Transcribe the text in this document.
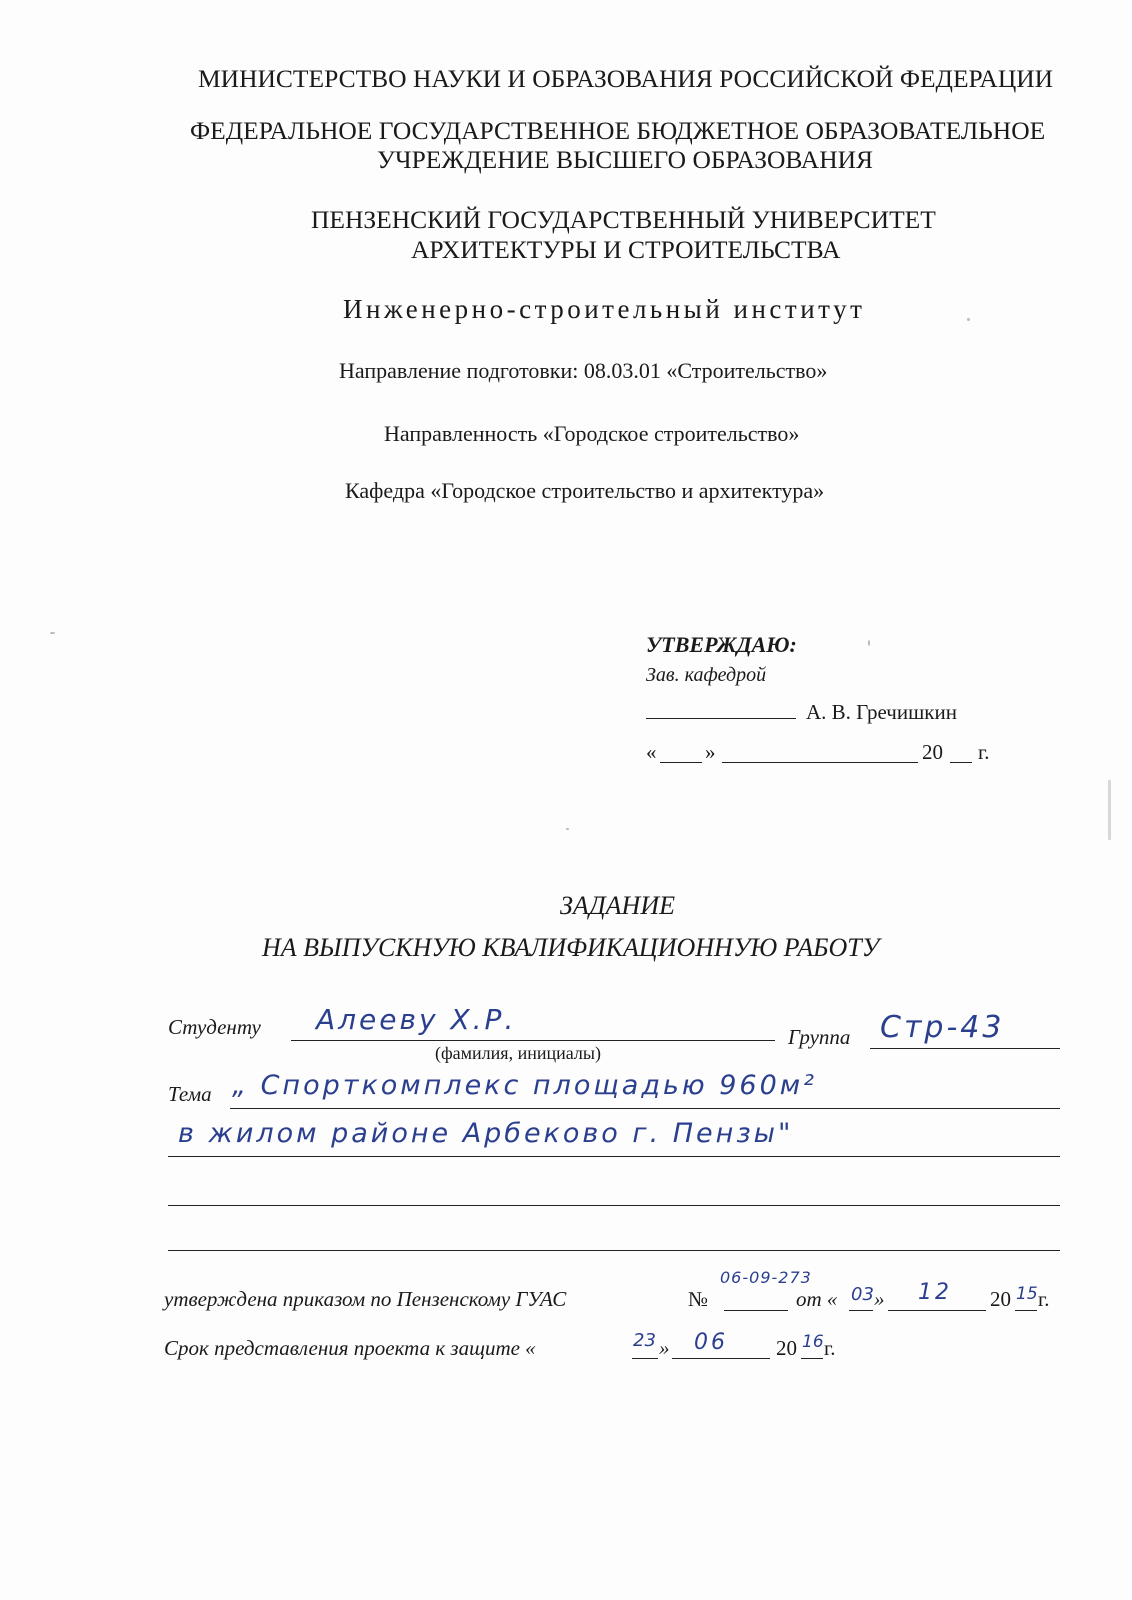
МИНИСТЕРСТВО НАУКИ И ОБРАЗОВАНИЯ РОССИЙСКОЙ ФЕДЕРАЦИИ
ФЕДЕРАЛЬНОЕ ГОСУДАРСТВЕННОЕ БЮДЖЕТНОЕ ОБРАЗОВАТЕЛЬНОЕ
УЧРЕЖДЕНИЕ ВЫСШЕГО ОБРАЗОВАНИЯ
ПЕНЗЕНСКИЙ ГОСУДАРСТВЕННЫЙ УНИВЕРСИТЕТ
АРХИТЕКТУРЫ И СТРОИТЕЛЬСТВА
Инженерно-строительный институт
Направление подготовки: 08.03.01 «Строительство»
Направленность «Городское строительство»
Кафедра «Городское строительство и архитектура»
УТВЕРЖДАЮ:
Зав. кафедрой
А. В. Гречишкин
« »	20 г.
ЗАДАНИЕ
НА ВЫПУСКНУЮ КВАЛИФИКАЦИОННУЮ РАБОТУ
Студенту Алееву Х.Р.
(фамилия, инициалы)
Группа Стр-43
Тема „ Спорткомплекс площадью 960м²
в жилом районе Арбеково г. Пензы"
утверждена приказом по Пензенскому ГУАС	№
06-09-273
от « 03 » 12 20 15 г.
Срок представления проекта к защите «	23 » 06 20 16 г.
